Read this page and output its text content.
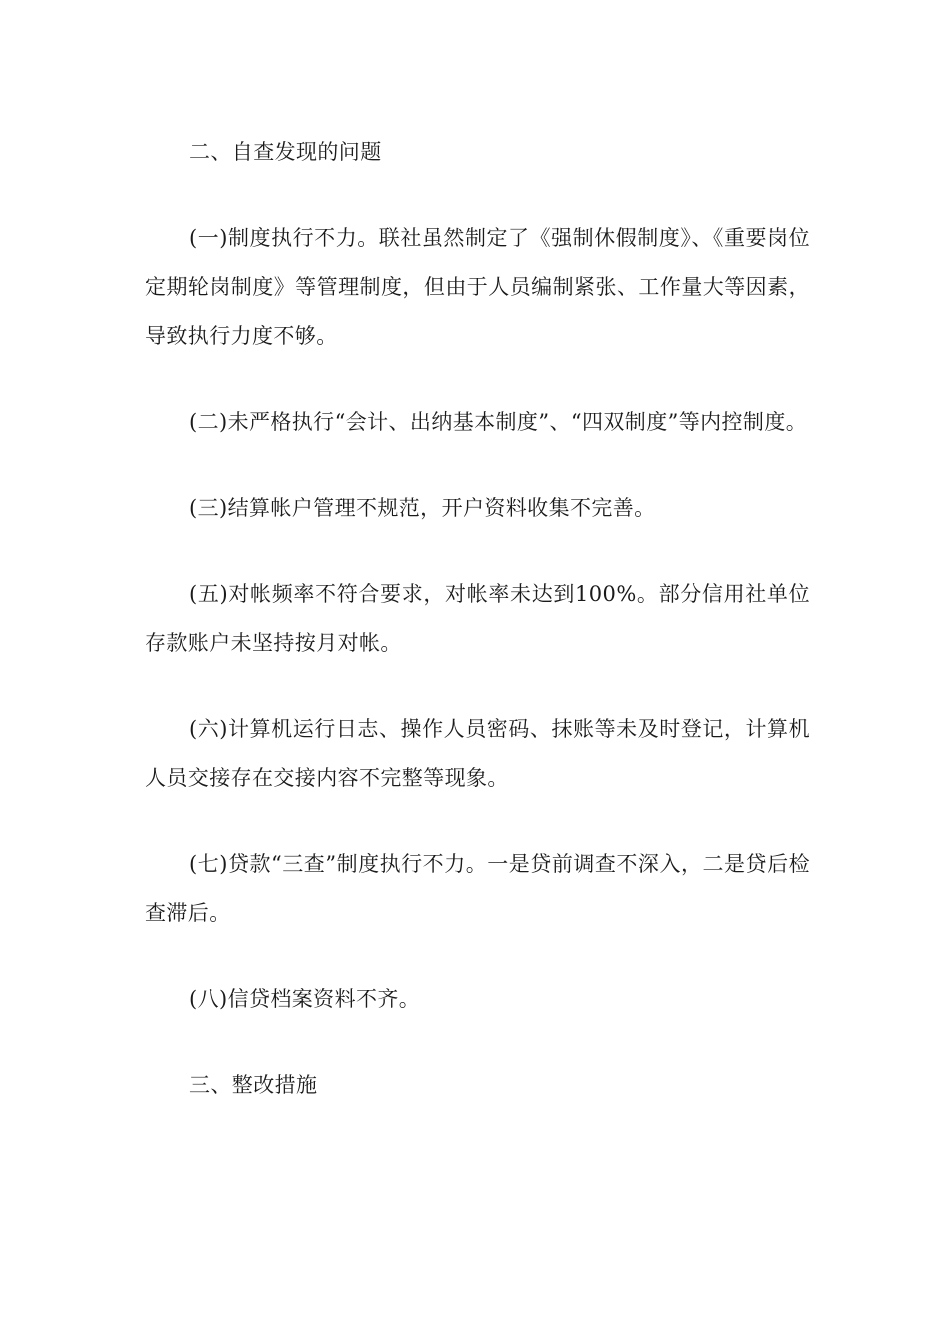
二、自查发现的问题

(一)制度执行不力。联社虽然制定了《强制休假制度》、《重要岗位定期轮岗制度》等管理制度，但由于人员编制紧张、工作量大等因素，导致执行力度不够。

(二)未严格执行“会计、出纳基本制度”、“四双制度”等内控制度。

(三)结算帐户管理不规范，开户资料收集不完善。

(五)对帐频率不符合要求，对帐率未达到100%。部分信用社单位存款账户未坚持按月对帐。

(六)计算机运行日志、操作人员密码、抹账等未及时登记，计算机人员交接存在交接内容不完整等现象。

(七)贷款“三查”制度执行不力。一是贷前调查不深入，二是贷后检查滞后。

(八)信贷档案资料不齐。

三、整改措施
